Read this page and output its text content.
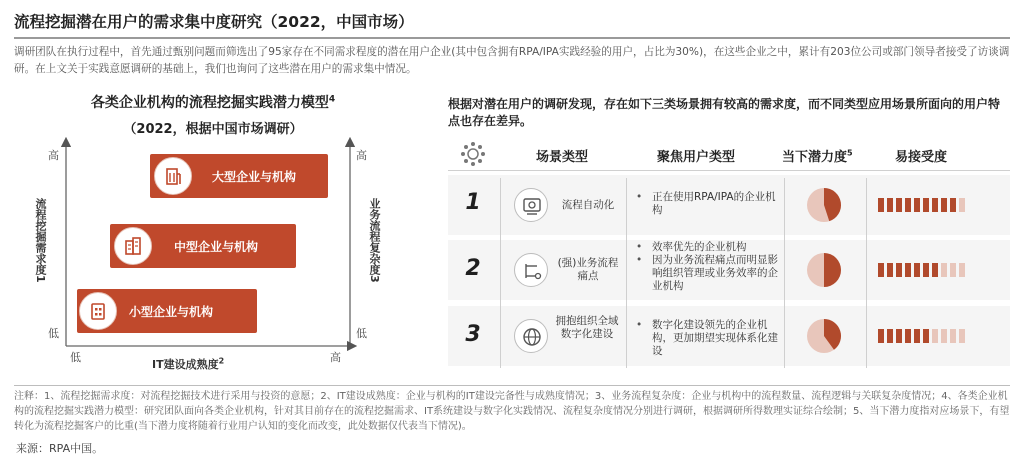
流程挖掘潜在用户的需求集中度研究（2022，中国市场）
调研团队在执行过程中，首先通过甄别问题而筛选出了95家存在不同需求程度的潜在用户企业(其中包含拥有RPA/IPA实践经验的用户，占比为30%)，在这些企业之中，累计有203位公司或部门领导者接受了访谈调研。在上文关于实践意愿调研的基础上，我们也询问了这些潜在用户的需求集中情况。
各类企业机构的流程挖掘实践潜力模型$^4$
（2022，根据中国市场调研）
流程挖掘需求度1	业务流程复杂度3
高
低
高
低
低	高
IT建设成熟度$^2$
大型企业与机构
中型企业与机构
小型企业与机构
根据对潜在用户的调研发现，存在如下三类场景拥有较高的需求度，而不同类型应用场景所面向的用户特点也存在差异。
场景类型	聚焦用户类型	当下潜力度$^5$	易接受度
1	流程自动化
• 正在使用RPA/IPA的企业机构
2	(强)业务流程痛点
• 效率优先的企业机构
• 因为业务流程痛点而明显影响组织管理或业务效率的企业机构
3
拥抱组织全域数字化建设
• 数字化建设领先的企业机构，更加期望实现体系化建设
注释：1、流程挖掘需求度：对流程挖掘技术进行采用与投资的意愿；2、IT建设成熟度：企业与机构的IT建设完备性与成熟度情况；3、业务流程复杂度：企业与机构中的流程数量、流程逻辑与关联复杂度情况；4、各类企业机构的流程挖掘实践潜力模型：研究团队面向各类企业机构，针对其目前存在的流程挖掘需求、IT系统建设与数字化实践情况、流程复杂度情况分别进行调研，根据调研所得数理实证综合绘制；5、当下潜力度指对应场景下，有望转化为流程挖掘客户的比重(当下潜力度将随着行业用户认知的变化而改变，此处数据仅代表当下情况)。
来源：RPA中国。
